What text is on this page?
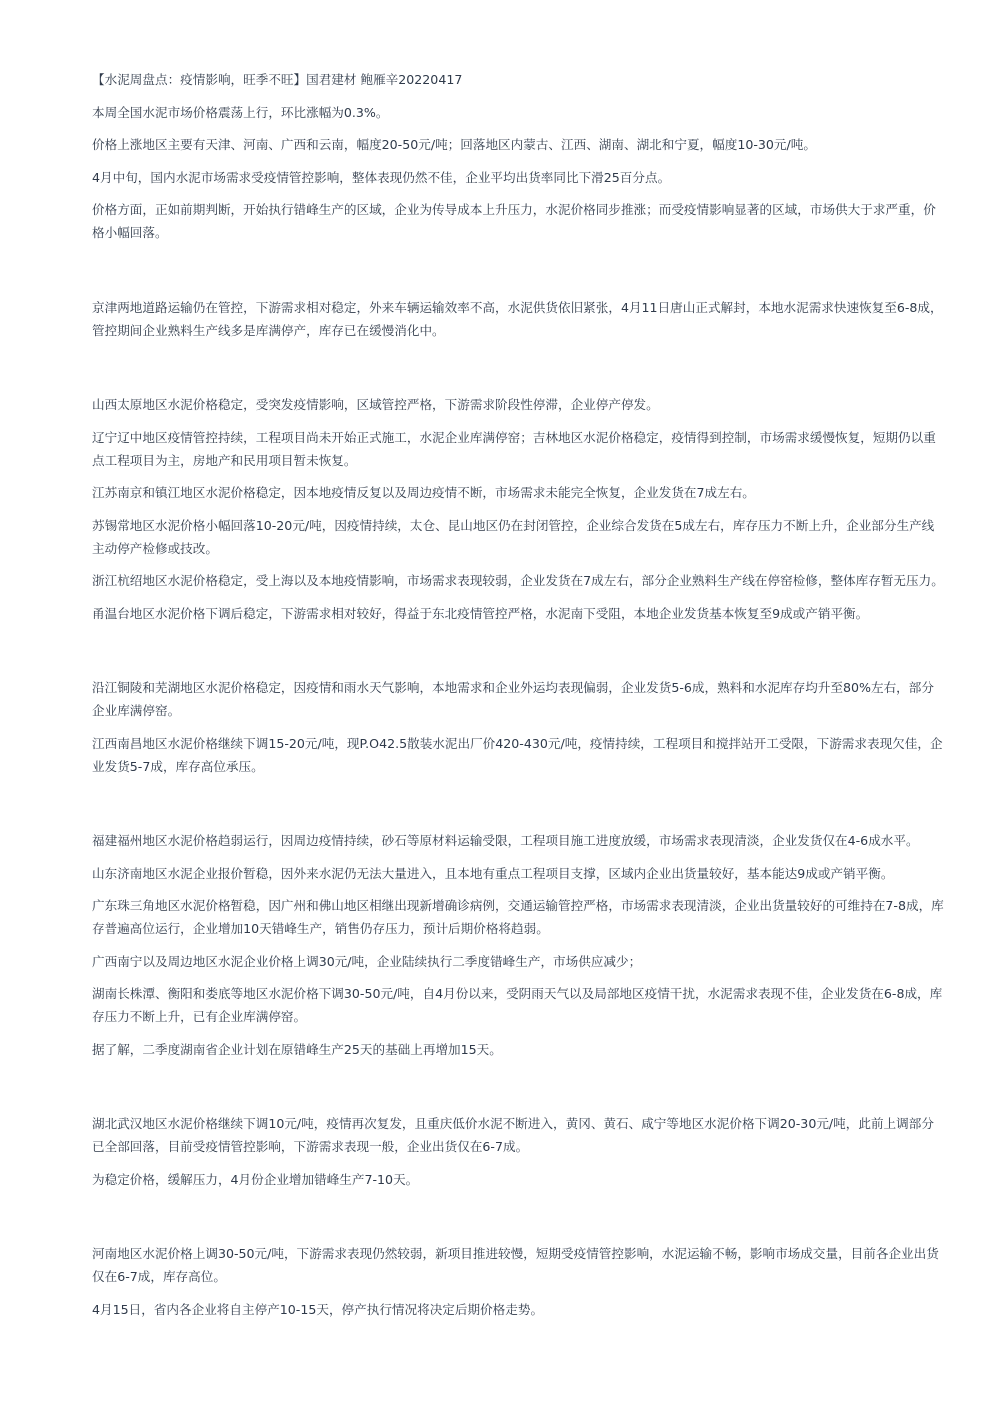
【水泥周盘点：疫情影响，旺季不旺】国君建材 鲍雁辛20220417

本周全国水泥市场价格震荡上行，环比涨幅为0.3%。

价格上涨地区主要有天津、河南、广西和云南，幅度20-50元/吨；回落地区内蒙古、江西、湖南、湖北和宁夏，幅度10-30元/吨。

4月中旬，国内水泥市场需求受疫情管控影响，整体表现仍然不佳，企业平均出货率同比下滑25百分点。

价格方面，正如前期判断，开始执行错峰生产的区域，企业为传导成本上升压力，水泥价格同步推涨；而受疫情影响显著的区域，市场供大于求严重，价格小幅回落。

京津两地道路运输仍在管控，下游需求相对稳定，外来车辆运输效率不高，水泥供货依旧紧张，4月11日唐山正式解封，本地水泥需求快速恢复至6-8成，管控期间企业熟料生产线多是库满停产，库存已在缓慢消化中。

山西太原地区水泥价格稳定，受突发疫情影响，区域管控严格，下游需求阶段性停滞，企业停产停发。

辽宁辽中地区疫情管控持续，工程项目尚未开始正式施工，水泥企业库满停窑；吉林地区水泥价格稳定，疫情得到控制，市场需求缓慢恢复，短期仍以重点工程项目为主，房地产和民用项目暂未恢复。

江苏南京和镇江地区水泥价格稳定，因本地疫情反复以及周边疫情不断，市场需求未能完全恢复，企业发货在7成左右。

苏锡常地区水泥价格小幅回落10-20元/吨，因疫情持续，太仓、昆山地区仍在封闭管控，企业综合发货在5成左右，库存压力不断上升，企业部分生产线主动停产检修或技改。

浙江杭绍地区水泥价格稳定，受上海以及本地疫情影响，市场需求表现较弱，企业发货在7成左右，部分企业熟料生产线在停窑检修，整体库存暂无压力。

甬温台地区水泥价格下调后稳定，下游需求相对较好，得益于东北疫情管控严格，水泥南下受阻，本地企业发货基本恢复至9成或产销平衡。

沿江铜陵和芜湖地区水泥价格稳定，因疫情和雨水天气影响，本地需求和企业外运均表现偏弱，企业发货5-6成，熟料和水泥库存均升至80%左右，部分企业库满停窑。

江西南昌地区水泥价格继续下调15-20元/吨，现P.O42.5散装水泥出厂价420-430元/吨，疫情持续，工程项目和搅拌站开工受限，下游需求表现欠佳，企业发货5-7成，库存高位承压。

福建福州地区水泥价格趋弱运行，因周边疫情持续，砂石等原材料运输受限，工程项目施工进度放缓，市场需求表现清淡，企业发货仅在4-6成水平。

山东济南地区水泥企业报价暂稳，因外来水泥仍无法大量进入，且本地有重点工程项目支撑，区域内企业出货量较好，基本能达9成或产销平衡。

广东珠三角地区水泥价格暂稳，因广州和佛山地区相继出现新增确诊病例，交通运输管控严格，市场需求表现清淡，企业出货量较好的可维持在7-8成，库存普遍高位运行，企业增加10天错峰生产，销售仍存压力，预计后期价格将趋弱。

广西南宁以及周边地区水泥企业价格上调30元/吨，企业陆续执行二季度错峰生产，市场供应减少；

湖南长株潭、衡阳和娄底等地区水泥价格下调30-50元/吨，自4月份以来，受阴雨天气以及局部地区疫情干扰，水泥需求表现不佳，企业发货在6-8成，库存压力不断上升，已有企业库满停窑。

据了解，二季度湖南省企业计划在原错峰生产25天的基础上再增加15天。

湖北武汉地区水泥价格继续下调10元/吨，疫情再次复发，且重庆低价水泥不断进入，黄冈、黄石、咸宁等地区水泥价格下调20-30元/吨，此前上调部分已全部回落，目前受疫情管控影响，下游需求表现一般，企业出货仅在6-7成。

为稳定价格，缓解压力，4月份企业增加错峰生产7-10天。

河南地区水泥价格上调30-50元/吨，下游需求表现仍然较弱，新项目推进较慢，短期受疫情管控影响，水泥运输不畅，影响市场成交量，目前各企业出货仅在6-7成，库存高位。

4月15日，省内各企业将自主停产10-15天，停产执行情况将决定后期价格走势。
